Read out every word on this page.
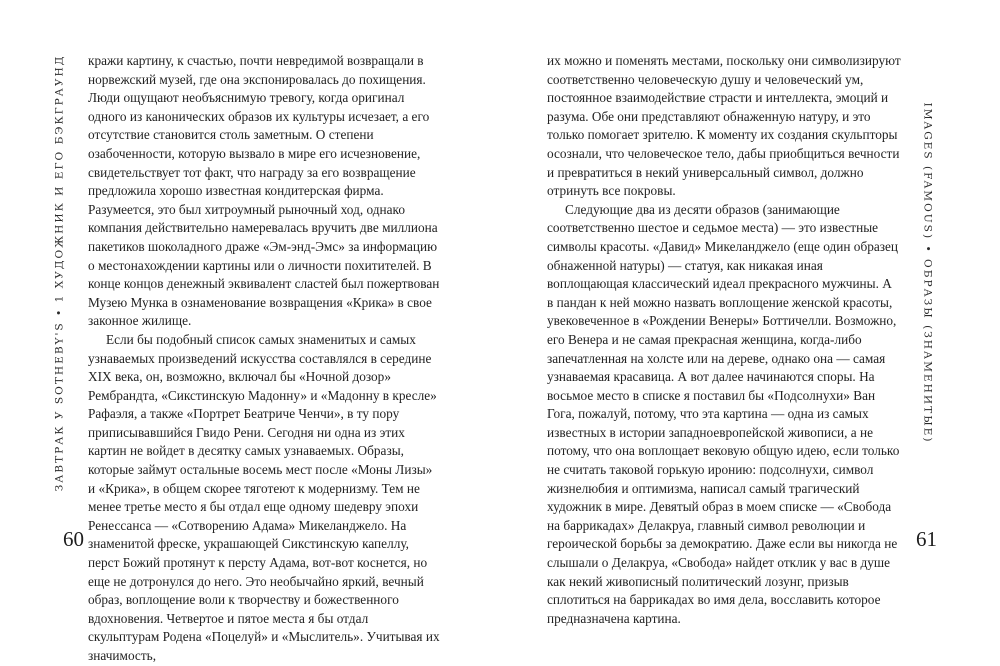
ЗАВТРАК У SOTHEBY'S • 1 ХУДОЖНИК И ЕГО БЭКГРАУНД кражи картину, к счастью, почти невредимой возвращали в норвежский музей, где она экспонировалась до похищения. Люди ощущают необъяснимую тревогу, когда оригинал одного из канонических образов их культуры исчезает, а его отсутствие становится столь заметным. О степени озабоченности, которую вызвало в мире его исчезновение, свидетельствует тот факт, что награду за его возвращение предложила хорошо известная кондитерская фирма. Разумеется, это был хитроумный рыночный ход, однако компания действительно намеревалась вручить две миллиона пакетиков шоколадного драже «Эм-энд-Эмс» за информацию о местонахождении картины или о личности похитителей. В конце концов денежный эквивалент сластей был пожертвован Музею Мунка в ознаменование возвращения «Крика» в свое законное жилище.

Если бы подобный список самых знаменитых и самых узнаваемых произведений искусства составлялся в середине XIX века, он, возможно, включал бы «Ночной дозор» Рембрандта, «Сикстинскую Мадонну» и «Мадонну в кресле» Рафаэля, а также «Портрет Беатриче Ченчи», в ту пору приписывавшийся Гвидо Рени. Сегодня ни одна из этих картин не войдет в десятку самых узнаваемых. Образы, которые займут остальные восемь мест после «Моны Лизы» и «Крика», в общем скорее тяготеют к модернизму. Тем не менее третье место я бы отдал еще одному шедевру эпохи Ренессанса — «Сотворению Адама» Микеланджело. На знаменитой фреске, украшающей Сикстинскую капеллу, перст Божий протянут к персту Адама, вот-вот коснется, но еще не дотронулся до него. Это необычайно яркий, вечный образ, воплощение воли к творчеству и божественного вдохновения. Четвертое и пятое места я бы отдал скульптурам Родена «Поцелуй» и «Мыслитель». Учитывая их значимость,

60

их можно и поменять местами, поскольку они символизируют соответственно человеческую душу и человеческий ум, постоянное взаимодействие страсти и интеллекта, эмоций и разума. Обе они представляют обнаженную натуру, и это только помогает зрителю. К моменту их создания скульпторы осознали, что человеческое тело, дабы приобщиться вечности и превратиться в некий универсальный символ, должно отринуть все покровы.

Следующие два из десяти образов (занимающие соответственно шестое и седьмое места) — это известные символы красоты. «Давид» Микеланджело (еще один образец обнаженной натуры) — статуя, как никакая иная воплощающая классический идеал прекрасного мужчины. А в пандан к ней можно назвать воплощение женской красоты, увековеченное в «Рождении Венеры» Боттичелли. Возможно, его Венера и не самая прекрасная женщина, когда-либо запечатленная на холсте или на дереве, однако она — самая узнаваемая красавица. А вот далее начинаются споры. На восьмое место в списке я поставил бы «Подсолнухи» Ван Гога, пожалуй, потому, что эта картина — одна из самых известных в истории западноевропейской живописи, а не потому, что она воплощает вековую общую идею, если только не считать таковой горькую иронию: подсолнухи, символ жизнелюбия и оптимизма, написал самый трагический художник в мире. Девятый образ в моем списке — «Свобода на баррикадах» Делакруа, главный символ революции и героической борьбы за демократию. Даже если вы никогда не слышали о Делакруа, «Свобода» найдет отклик у вас в душе как некий живописный политический лозунг, призыв сплотиться на баррикадах во имя дела, восславить которое предназначена картина.

IMAGES (FAMOUS) • ОБРАЗЫ (ЗНАМЕНИТЫЕ)
61
